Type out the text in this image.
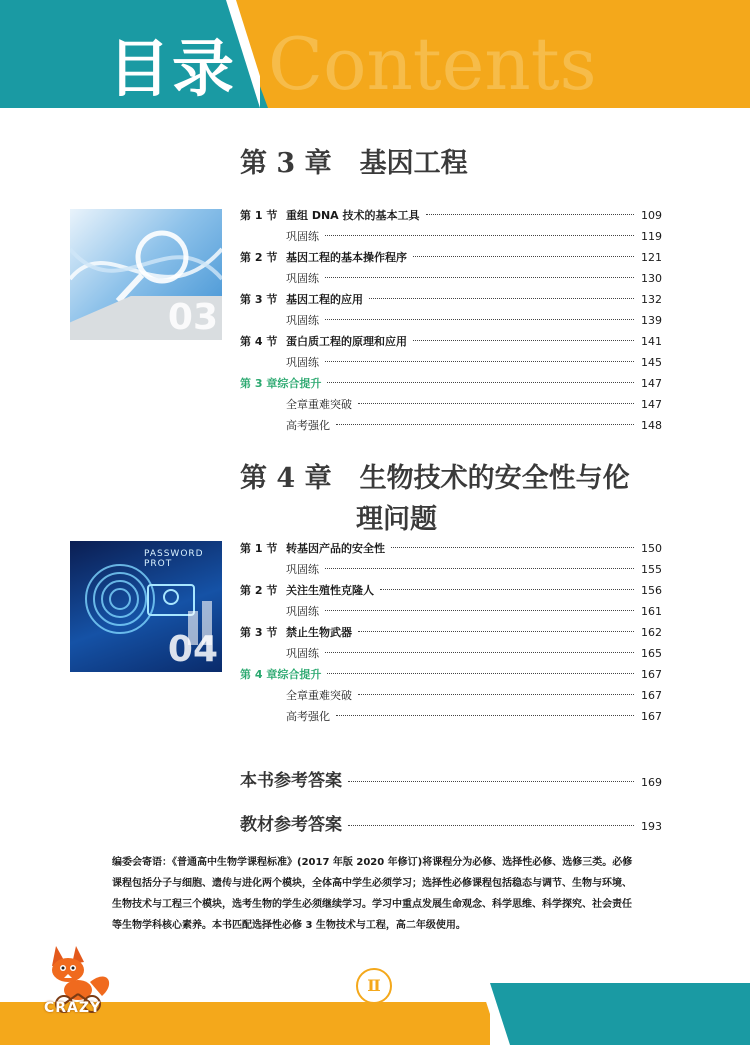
Contents
目录
第 3 章 基因工程
03
第 1 节 重组 DNA 技术的基本工具	109
巩固练	119
第 2 节 基因工程的基本操作程序	121
巩固练	130
第 3 节 基因工程的应用	132
巩固练	139
第 4 节 蛋白质工程的原理和应用	141
巩固练	145
第 3 章综合提升	147
全章重难突破	147
高考强化	148
第 4 章 生物技术的安全性与伦
理问题
PASSWORD PROT
04
第 1 节 转基因产品的安全性	150
巩固练	155
第 2 节 关注生殖性克隆人	156
巩固练	161
第 3 节 禁止生物武器	162
巩固练	165
第 4 章综合提升	167
全章重难突破	167
高考强化	167
本书参考答案	169
教材参考答案	193
编委会寄语：《普通高中生物学课程标准》(2017 年版 2020 年修订)将课程分为必修、选择性必修、选修三类。必修课程包括分子与细胞、遗传与进化两个模块，全体高中学生必须学习；选择性必修课程包括稳态与调节、生物与环境、生物技术与工程三个模块，选考生物的学生必须继续学习。学习中重点发展生命观念、科学思维、科学探究、社会责任等生物学科核心素养。本书匹配选择性必修 3 生物技术与工程，高二年级使用。
Ⅱ
CRAZY
